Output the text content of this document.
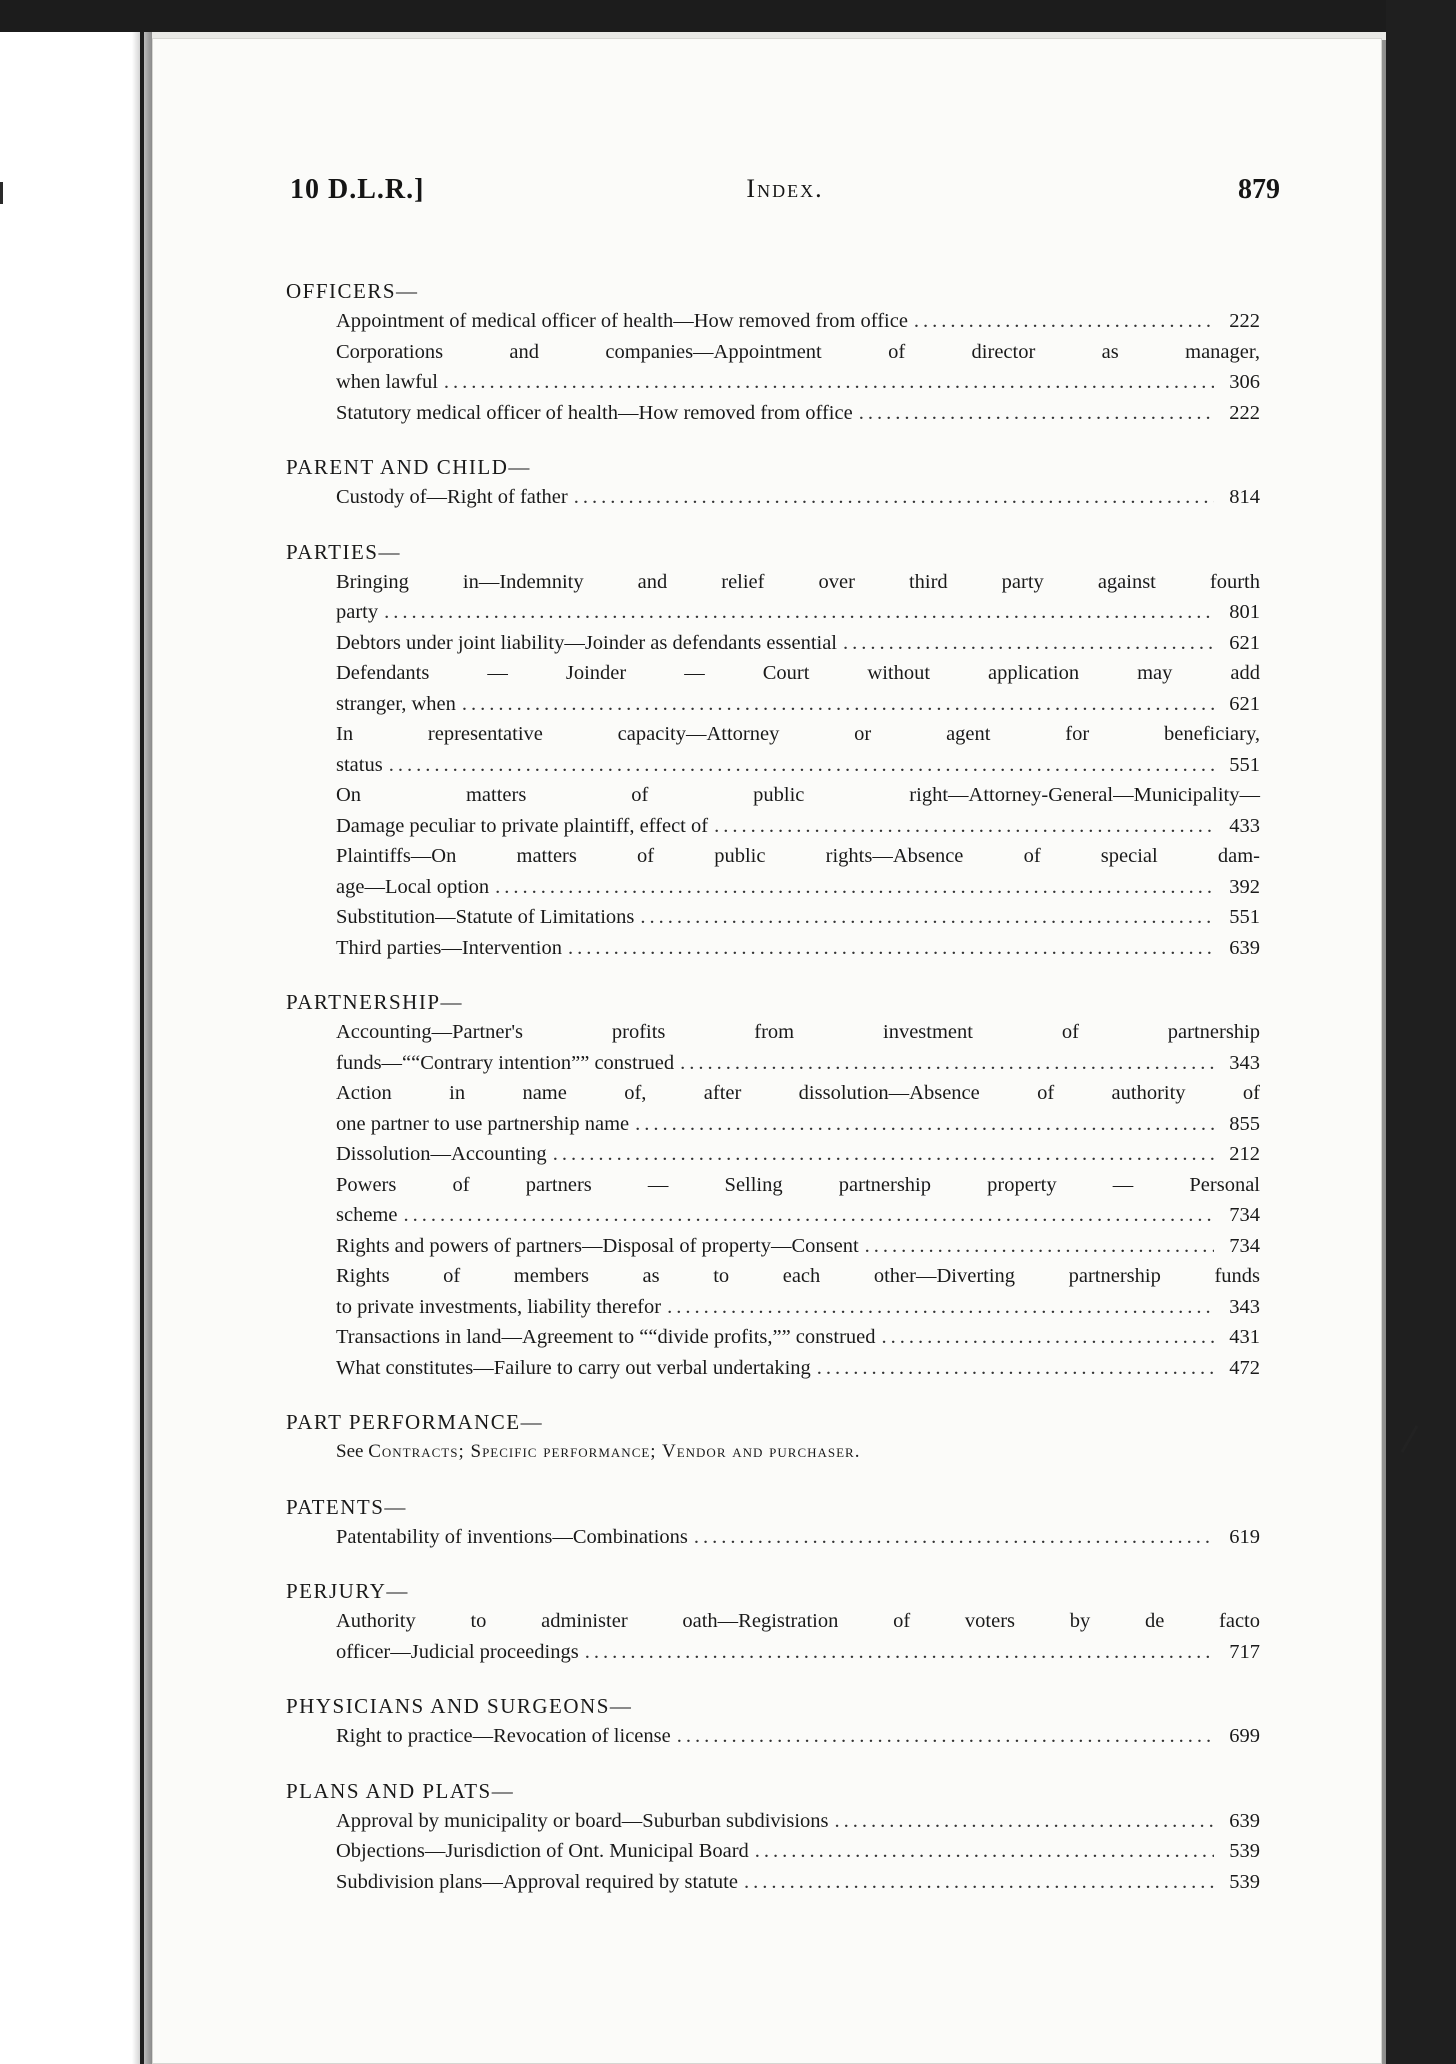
10 D.L.R.]	Index.	879
OFFICERS—
Appointment of medical officer of health—How removed from office .....	222
Corporations and companies—Appointment of director as manager,
when lawful .....	306
Statutory medical officer of health—How removed from office .....	222
PARENT AND CHILD—
Custody of—Right of father .....	814
PARTIES—
Bringing in—Indemnity and relief over third party against fourth
party .....	801
Debtors under joint liability—Joinder as defendants essential .....	621
Defendants — Joinder — Court without application may add
stranger, when .....	621
In representative capacity—Attorney or agent for beneficiary,
status .....	551
On matters of public right—Attorney-General—Municipality—
Damage peculiar to private plaintiff, effect of .....	433
Plaintiffs—On matters of public rights—Absence of special dam-
age—Local option .....	392
Substitution—Statute of Limitations .....	551
Third parties—Intervention .....	639
PARTNERSHIP—
Accounting—Partner's profits from investment of partnership
funds—““Contrary intention”” construed .....	343
Action in name of, after dissolution—Absence of authority of
one partner to use partnership name .....	855
Dissolution—Accounting .....	212
Powers of partners — Selling partnership property — Personal
scheme .....	734
Rights and powers of partners—Disposal of property—Consent .....	734
Rights of members as to each other—Diverting partnership funds
to private investments, liability therefor .....	343
Transactions in land—Agreement to ““divide profits,”” construed .....	431
What constitutes—Failure to carry out verbal undertaking .....	472
PART PERFORMANCE—
See Contracts; Specific performance; Vendor and purchaser.
PATENTS—
Patentability of inventions—Combinations .....	619
PERJURY—
Authority to administer oath—Registration of voters by de facto
officer—Judicial proceedings .....	717
PHYSICIANS AND SURGEONS—
Right to practice—Revocation of license .....	699
PLANS AND PLATS—
Approval by municipality or board—Suburban subdivisions .....	639
Objections—Jurisdiction of Ont. Municipal Board .....	539
Subdivision plans—Approval required by statute .....	539
